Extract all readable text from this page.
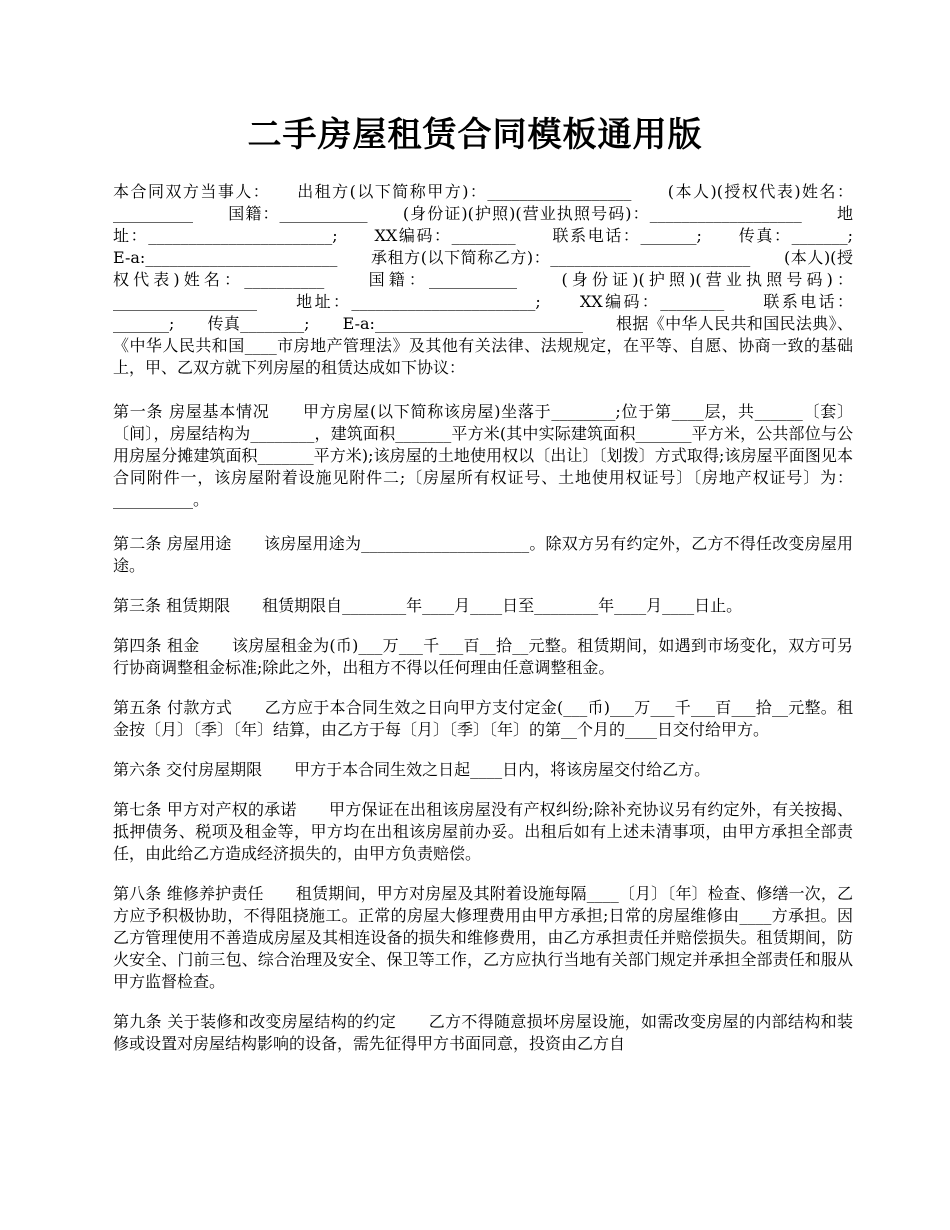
二手房屋租赁合同模板通用版

本合同双方当事人：　　出租方(以下简称甲方)：__________________　　(本人)(授权代表)姓名：__________　　国籍：___________　　(身份证)(护照)(营业执照号码)：___________________　　地址：_______________________;　　XX编码：________　　联系电话：_______;　　传真：_______;　　E-a:________________________　　承租方(以下简称乙方)：_________________________　　(本人)(授权代表)姓名：__________　　国籍：___________　　(身份证)(护照)(营业执照号码)：__________________　　地址：_______________________;　　XX编码：________　　联系电话：_______;　　传真________;　　E-a:__________________________　　根据《中华人民共和国民法典》、《中华人民共和国____市房地产管理法》及其他有关法律、法规规定，在平等、自愿、协商一致的基础上，甲、乙双方就下列房屋的租赁达成如下协议：

第一条 房屋基本情况　　甲方房屋(以下简称该房屋)坐落于________;位于第____层，共______〔套〕〔间〕，房屋结构为________，建筑面积_______平方米(其中实际建筑面积_______平方米，公共部位与公用房屋分摊建筑面积_______平方米);该房屋的土地使用权以〔出让〕〔划拨〕方式取得;该房屋平面图见本合同附件一，该房屋附着设施见附件二;〔房屋所有权证号、土地使用权证号〕〔房地产权证号〕为：__________。

第二条 房屋用途　　该房屋用途为_____________________。除双方另有约定外，乙方不得任改变房屋用途。

第三条 租赁期限　　租赁期限自________年____月____日至________年____月____日止。

第四条 租金　　该房屋租金为(币)___万___千___百__拾__元整。租赁期间，如遇到市场变化，双方可另行协商调整租金标准;除此之外，出租方不得以任何理由任意调整租金。

第五条 付款方式　　乙方应于本合同生效之日向甲方支付定金(___币)___万___千___百___拾__元整。租金按〔月〕〔季〕〔年〕结算，由乙方于每〔月〕〔季〕〔年〕的第__个月的____日交付给甲方。

第六条 交付房屋期限　　甲方于本合同生效之日起____日内，将该房屋交付给乙方。

第七条 甲方对产权的承诺　　甲方保证在出租该房屋没有产权纠纷;除补充协议另有约定外，有关按揭、抵押债务、税项及租金等，甲方均在出租该房屋前办妥。出租后如有上述未清事项，由甲方承担全部责任，由此给乙方造成经济损失的，由甲方负责赔偿。

第八条 维修养护责任　　租赁期间，甲方对房屋及其附着设施每隔____〔月〕〔年〕检查、修缮一次，乙方应予积极协助，不得阻挠施工。正常的房屋大修理费用由甲方承担;日常的房屋维修由____方承担。因乙方管理使用不善造成房屋及其相连设备的损失和维修费用，由乙方承担责任并赔偿损失。租赁期间，防火安全、门前三包、综合治理及安全、保卫等工作，乙方应执行当地有关部门规定并承担全部责任和服从甲方监督检查。

第九条 关于装修和改变房屋结构的约定　　乙方不得随意损坏房屋设施，如需改变房屋的内部结构和装修或设置对房屋结构影响的设备，需先征得甲方书面同意，投资由乙方自
